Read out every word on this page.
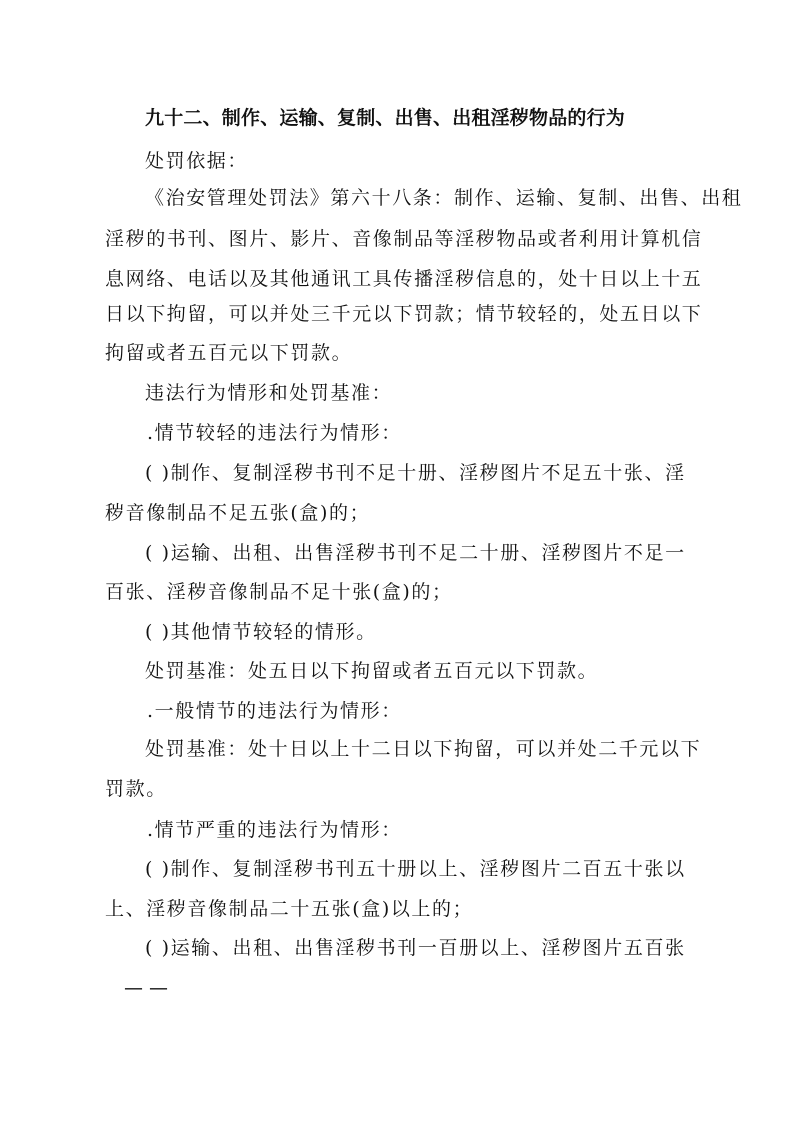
九十二、制作、运输、复制、出售、出租淫秽物品的行为
处罚依据：
《治安管理处罚法》第六十八条：制作、运输、复制、出售、出租
淫秽的书刊、图片、影片、音像制品等淫秽物品或者利用计算机信
息网络、电话以及其他通讯工具传播淫秽信息的，处十日以上十五
日以下拘留，可以并处三千元以下罚款；情节较轻的，处五日以下
拘留或者五百元以下罚款。
违法行为情形和处罚基准：
.情节较轻的违法行为情形：
( )制作、复制淫秽书刊不足十册、淫秽图片不足五十张、淫
秽音像制品不足五张(盒)的；
( )运输、出租、出售淫秽书刊不足二十册、淫秽图片不足一
百张、淫秽音像制品不足十张(盒)的；
( )其他情节较轻的情形。
处罚基准：处五日以下拘留或者五百元以下罚款。
.一般情节的违法行为情形：
处罚基准：处十日以上十二日以下拘留，可以并处二千元以下
罚款。
.情节严重的违法行为情形：
( )制作、复制淫秽书刊五十册以上、淫秽图片二百五十张以
上、淫秽音像制品二十五张(盒)以上的；
( )运输、出租、出售淫秽书刊一百册以上、淫秽图片五百张
— —
